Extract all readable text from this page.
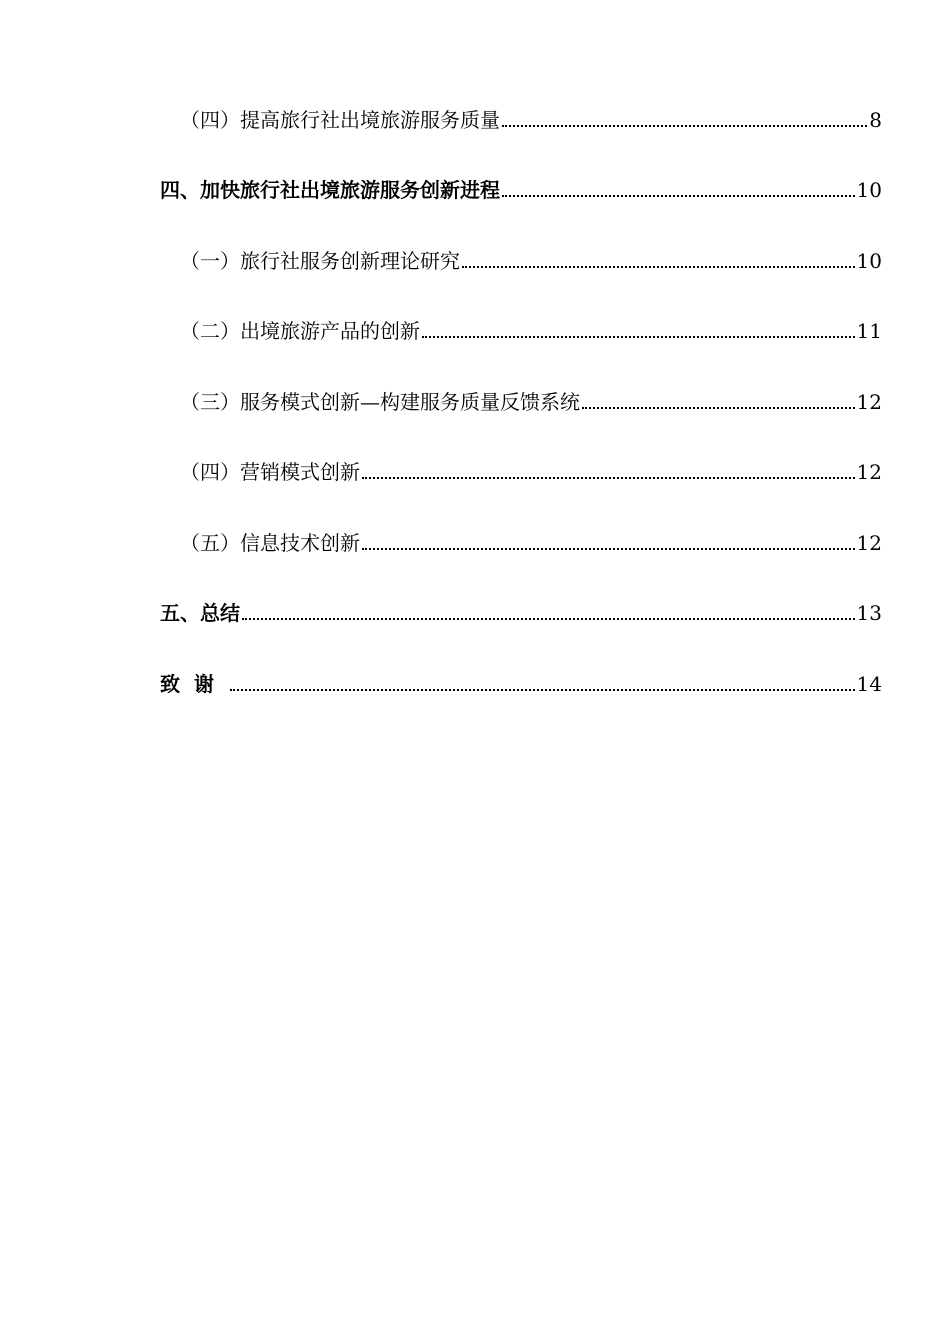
（四）提高旅行社出境旅游服务质量	8
四、加快旅行社出境旅游服务创新进程	10
（一）旅行社服务创新理论研究	10
（二）出境旅游产品的创新	11
（三）服务模式创新—构建服务质量反馈系统	12
（四）营销模式创新	12
（五）信息技术创新	12
五、总结	13
致谢	14
